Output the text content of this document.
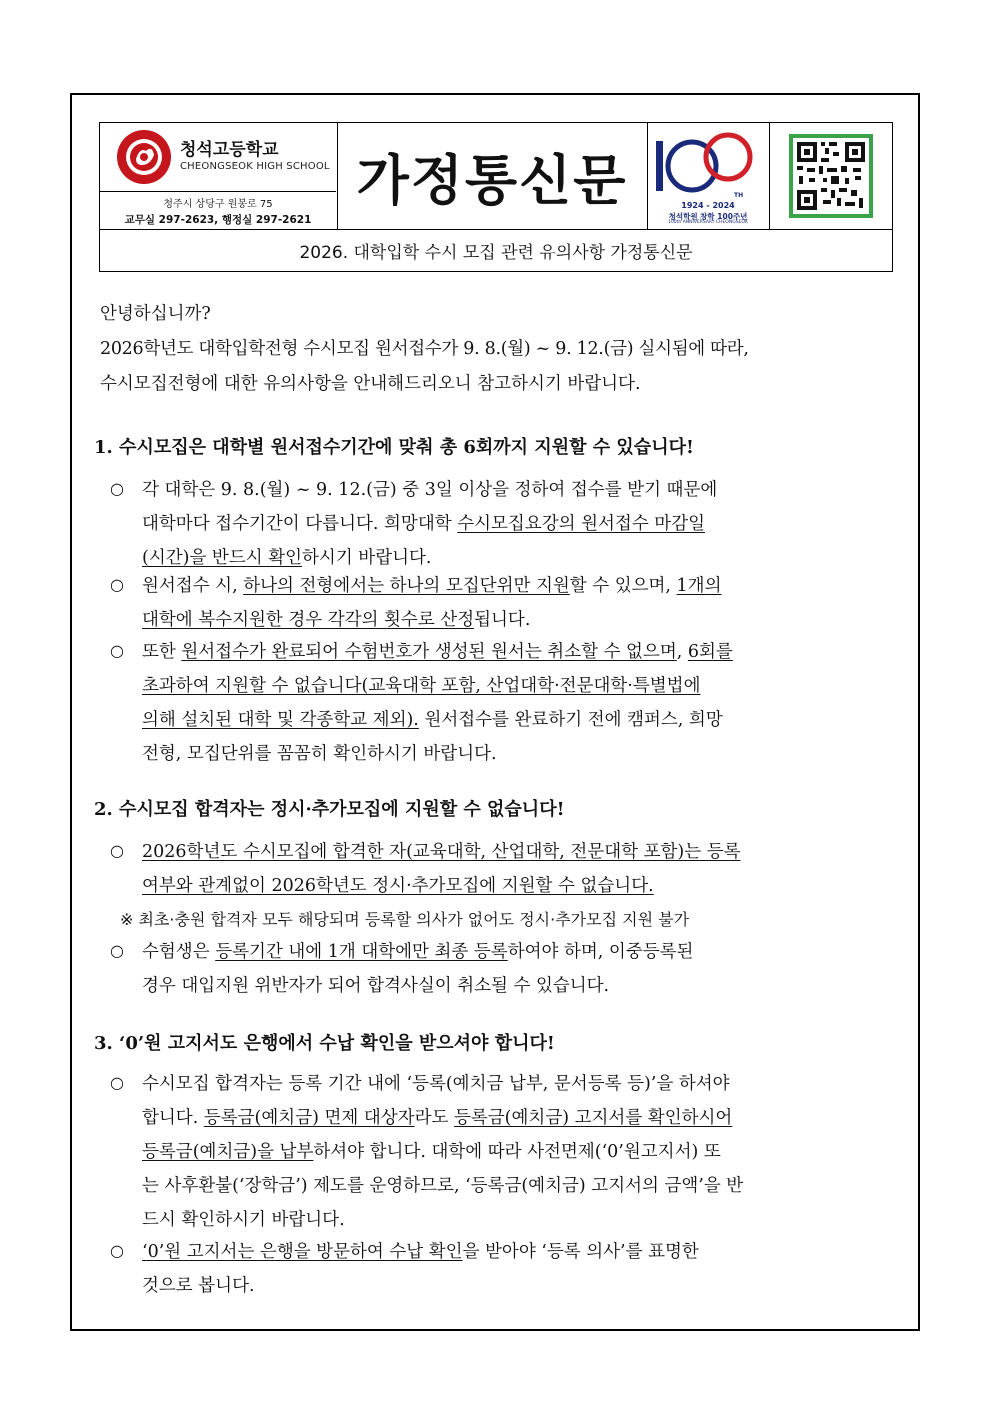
청석고등학교
CHEONGSEOK HIGH SCHOOL
청주시 상당구 원봉로 75
교무실 297-2623, 행정실 297-2621
가정통신문	TH
1924 - 2024
청석학원 창학 100주년
100th ANNIVERSARY CHEONGSEOK
2026. 대학입학 수시 모집 관련 유의사항 가정통신문
안녕하십니까?
2026학년도 대학입학전형 수시모집 원서접수가 9. 8.(월) ~ 9. 12.(금) 실시됨에 따라,
수시모집전형에 대한 유의사항을 안내해드리오니 참고하시기 바랍니다.
1. 수시모집은 대학별 원서접수기간에 맞춰 총 6회까지 지원할 수 있습니다!
○ 각 대학은 9. 8.(월) ~ 9. 12.(금) 중 3일 이상을 정하여 접수를 받기 때문에
대학마다 접수기간이 다릅니다. 희망대학 수시모집요강의 원서접수 마감일
(시간)을 반드시 확인하시기 바랍니다.
○ 원서접수 시, 하나의 전형에서는 하나의 모집단위만 지원할 수 있으며, 1개의
대학에 복수지원한 경우 각각의 횟수로 산정됩니다.
○ 또한 원서접수가 완료되어 수험번호가 생성된 원서는 취소할 수 없으며, 6회를
초과하여 지원할 수 없습니다(교육대학 포함, 산업대학·전문대학·특별법에
의해 설치된 대학 및 각종학교 제외). 원서접수를 완료하기 전에 캠퍼스, 희망
전형, 모집단위를 꼼꼼히 확인하시기 바랍니다.
2. 수시모집 합격자는 정시·추가모집에 지원할 수 없습니다!
○ 2026학년도 수시모집에 합격한 자(교육대학, 산업대학, 전문대학 포함)는 등록
여부와 관계없이 2026학년도 정시·추가모집에 지원할 수 없습니다.
※ 최초·충원 합격자 모두 해당되며 등록할 의사가 없어도 정시·추가모집 지원 불가
○ 수험생은 등록기간 내에 1개 대학에만 최종 등록하여야 하며, 이중등록된
경우 대입지원 위반자가 되어 합격사실이 취소될 수 있습니다.
3. ‘0’원 고지서도 은행에서 수납 확인을 받으셔야 합니다!
○ 수시모집 합격자는 등록 기간 내에 ‘등록(예치금 납부, 문서등록 등)’을 하셔야
합니다. 등록금(예치금) 면제 대상자라도 등록금(예치금) 고지서를 확인하시어
등록금(예치금)을 납부하셔야 합니다. 대학에 따라 사전면제(‘0’원고지서) 또
는 사후환불(‘장학금’) 제도를 운영하므로, ‘등록금(예치금) 고지서의 금액’을 반
드시 확인하시기 바랍니다.
○ ‘0’원 고지서는 은행을 방문하여 수납 확인을 받아야 ‘등록 의사’를 표명한
것으로 봅니다.
